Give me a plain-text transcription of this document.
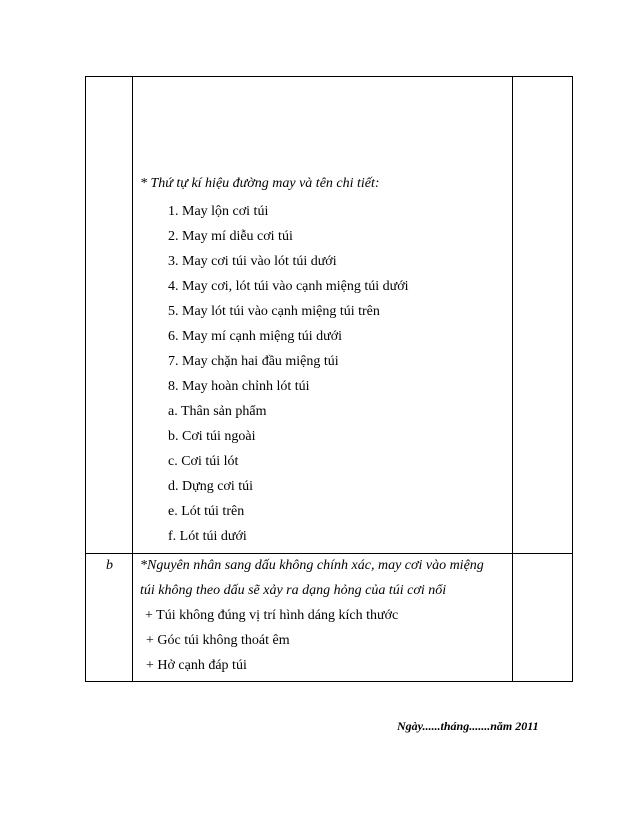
* Thứ tự kí hiệu đường may và tên chi tiết:
1. May lộn cơi túi
2. May mí diễu cơi túi
3. May cơi túi vào lót túi dưới
4. May cơi, lót túi vào cạnh miệng túi dưới
5. May lót túi vào cạnh miệng túi trên
6. May mí cạnh miệng túi dưới
7. May chặn hai đầu miệng túi
8. May hoàn chỉnh lót túi
a. Thân sản phẩm
b. Cơi túi ngoài
c. Cơi túi lót
d. Dựng cơi túi
e. Lót túi trên
f. Lót túi dưới
b *Nguyên nhân sang dấu không chính xác, may cơi vào miệng
túi không theo dấu sẽ xảy ra dạng hỏng của túi cơi nổi
+ Túi không đúng vị trí hình dáng kích thước
+ Góc túi không thoát êm
+ Hở cạnh đáp túi
Ngày......tháng.......năm 2011
